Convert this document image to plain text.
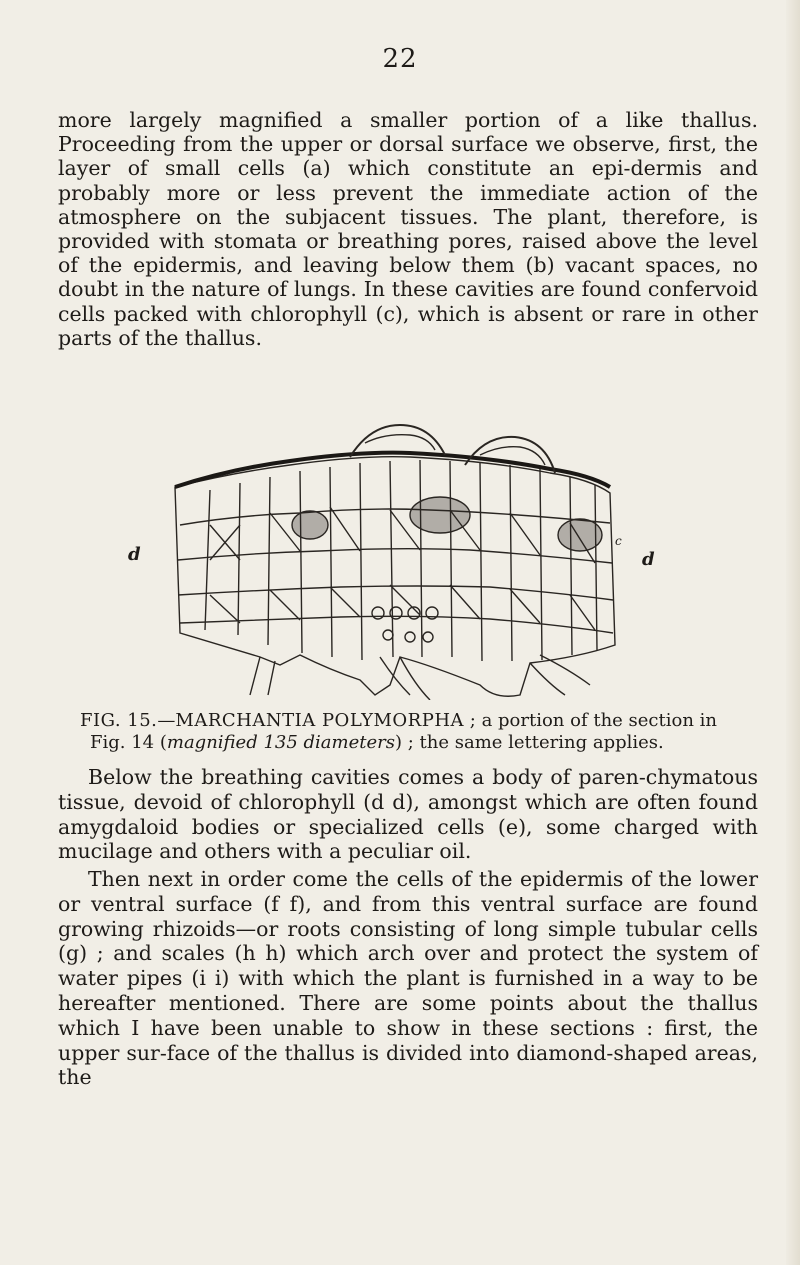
22

more largely magnified a smaller portion of a like thallus. Proceeding from the upper or dorsal surface we observe, first, the layer of small cells (a) which constitute an epi-dermis and probably more or less prevent the immediate action of the atmosphere on the subjacent tissues. The plant, therefore, is provided with stomata or breathing pores, raised above the level of the epidermis, and leaving below them (b) vacant spaces, no doubt in the nature of lungs. In these cavities are found confervoid cells packed with chlorophyll (c), which is absent or rare in other parts of the thallus.

d	d
c
FIG. 15.—MARCHANTIA POLYMORPHA ; a portion of the section in
Fig. 14 (magnified 135 diameters) ; the same lettering applies.

Below the breathing cavities comes a body of paren-chymatous tissue, devoid of chlorophyll (d d), amongst which are often found amygdaloid bodies or specialized cells (e), some charged with mucilage and others with a peculiar oil.

Then next in order come the cells of the epidermis of the lower or ventral surface (f f), and from this ventral surface are found growing rhizoids—or roots consisting of long simple tubular cells (g) ; and scales (h h) which arch over and protect the system of water pipes (i i) with which the plant is furnished in a way to be hereafter mentioned. There are some points about the thallus which I have been unable to show in these sections : first, the upper sur-face of the thallus is divided into diamond-shaped areas, the
